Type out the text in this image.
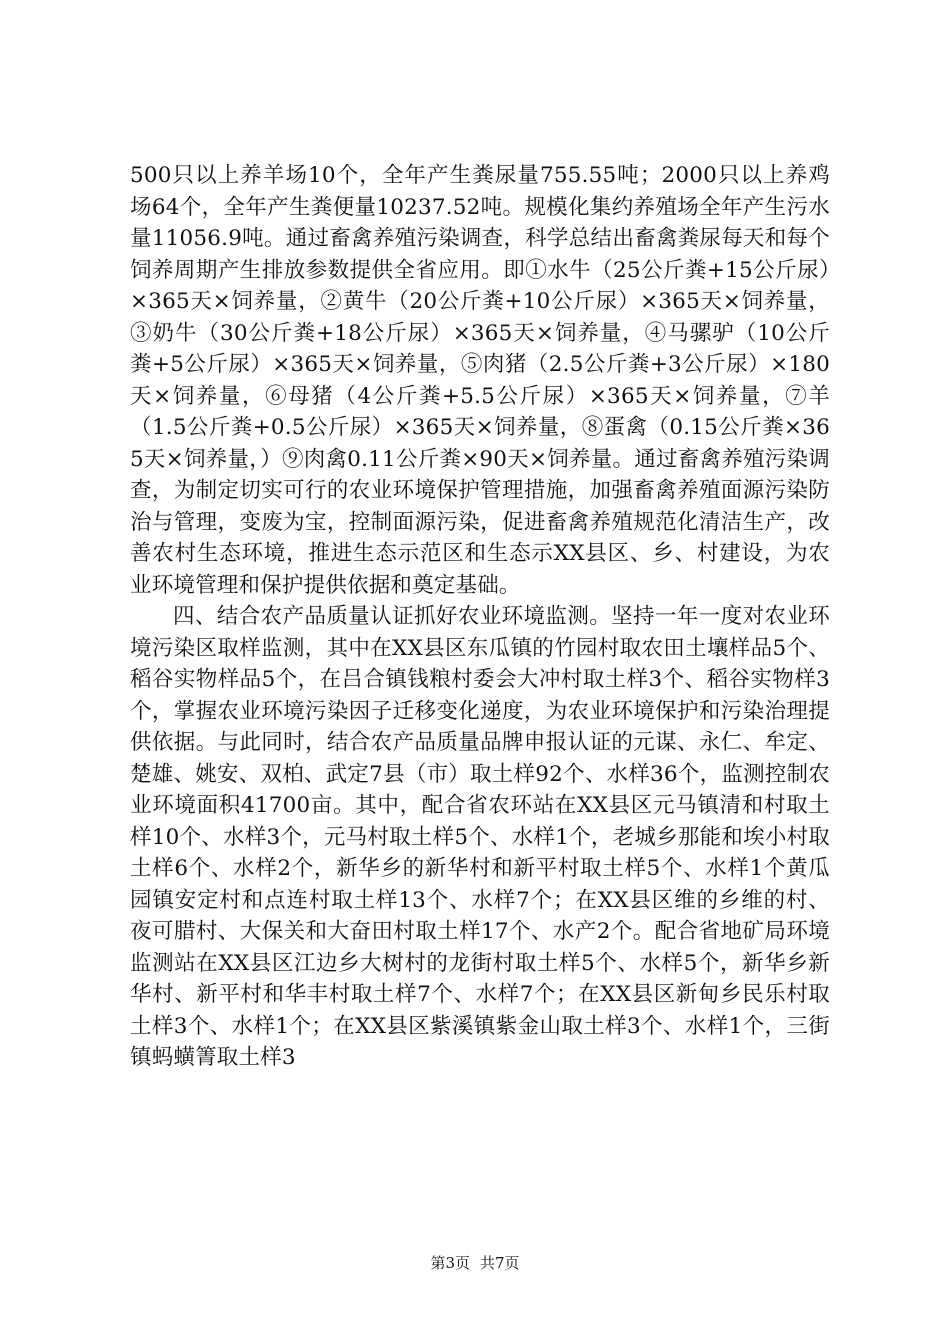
500只以上养羊场10个，全年产生粪尿量755.55吨；2000只以上养鸡场64个，全年产生粪便量10237.52吨。规模化集约养殖场全年产生污水量11056.9吨。通过畜禽养殖污染调查，科学总结出畜禽粪尿每天和每个饲养周期产生排放参数提供全省应用。即①水牛（25公斤粪+15公斤尿）×365天×饲养量，②黄牛（20公斤粪+10公斤尿）×365天×饲养量，③奶牛（30公斤粪+18公斤尿）×365天×饲养量，④马骡驴（10公斤粪+5公斤尿）×365天×饲养量，⑤肉猪（2.5公斤粪+3公斤尿）×180天×饲养量，⑥母猪（4公斤粪+5.5公斤尿）×365天×饲养量，⑦羊（1.5公斤粪+0.5公斤尿）×365天×饲养量，⑧蛋禽（0.15公斤粪×365天×饲养量，）⑨肉禽0.11公斤粪×90天×饲养量。通过畜禽养殖污染调查，为制定切实可行的农业环境保护管理措施，加强畜禽养殖面源污染防治与管理，变废为宝，控制面源污染，促进畜禽养殖规范化清洁生产，改善农村生态环境，推进生态示范区和生态示XX县区、乡、村建设，为农业环境管理和保护提供依据和奠定基础。

四、结合农产品质量认证抓好农业环境监测。坚持一年一度对农业环境污染区取样监测，其中在XX县区东瓜镇的竹园村取农田土壤样品5个、稻谷实物样品5个，在吕合镇钱粮村委会大冲村取土样3个、稻谷实物样3个，掌握农业环境污染因子迁移变化递度，为农业环境保护和污染治理提供依据。与此同时，结合农产品质量品牌申报认证的元谋、永仁、牟定、楚雄、姚安、双柏、武定7县（市）取土样92个、水样36个，监测控制农业环境面积41700亩。其中，配合省农环站在XX县区元马镇清和村取土样10个、水样3个，元马村取土样5个、水样1个，老城乡那能和埃小村取土样6个、水样2个，新华乡的新华村和新平村取土样5个、水样1个黄瓜园镇安定村和点连村取土样13个、水样7个；在XX县区维的乡维的村、夜可腊村、大保关和大奋田村取土样17个、水产2个。配合省地矿局环境监测站在XX县区江边乡大树村的龙街村取土样5个、水样5个，新华乡新华村、新平村和华丰村取土样7个、水样7个；在XX县区新甸乡民乐村取土样3个、水样1个；在XX县区紫溪镇紫金山取土样3个、水样1个，三街镇蚂蟥箐取土样3

第3页 共7页
